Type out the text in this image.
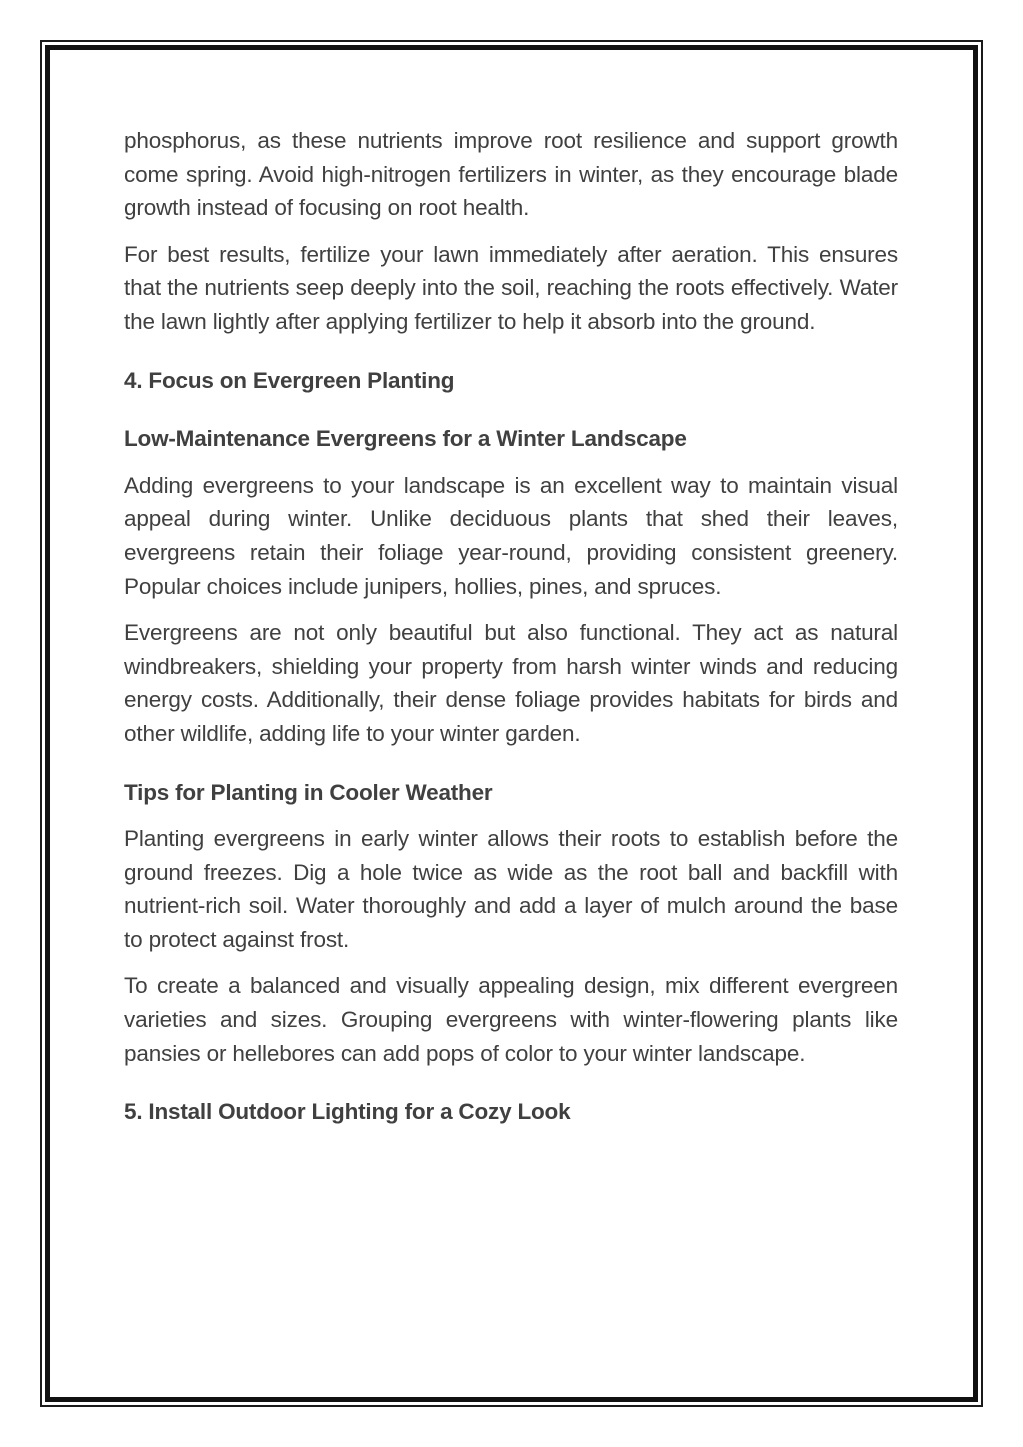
phosphorus, as these nutrients improve root resilience and support growth come spring. Avoid high-nitrogen fertilizers in winter, as they encourage blade growth instead of focusing on root health.

For best results, fertilize your lawn immediately after aeration. This ensures that the nutrients seep deeply into the soil, reaching the roots effectively. Water the lawn lightly after applying fertilizer to help it absorb into the ground.

4. Focus on Evergreen Planting
Low-Maintenance Evergreens for a Winter Landscape

Adding evergreens to your landscape is an excellent way to maintain visual appeal during winter. Unlike deciduous plants that shed their leaves, evergreens retain their foliage year-round, providing consistent greenery. Popular choices include junipers, hollies, pines, and spruces.

Evergreens are not only beautiful but also functional. They act as natural windbreakers, shielding your property from harsh winter winds and reducing energy costs. Additionally, their dense foliage provides habitats for birds and other wildlife, adding life to your winter garden.

Tips for Planting in Cooler Weather

Planting evergreens in early winter allows their roots to establish before the ground freezes. Dig a hole twice as wide as the root ball and backfill with nutrient-rich soil. Water thoroughly and add a layer of mulch around the base to protect against frost.

To create a balanced and visually appealing design, mix different evergreen varieties and sizes. Grouping evergreens with winter-flowering plants like pansies or hellebores can add pops of color to your winter landscape.

5. Install Outdoor Lighting for a Cozy Look
